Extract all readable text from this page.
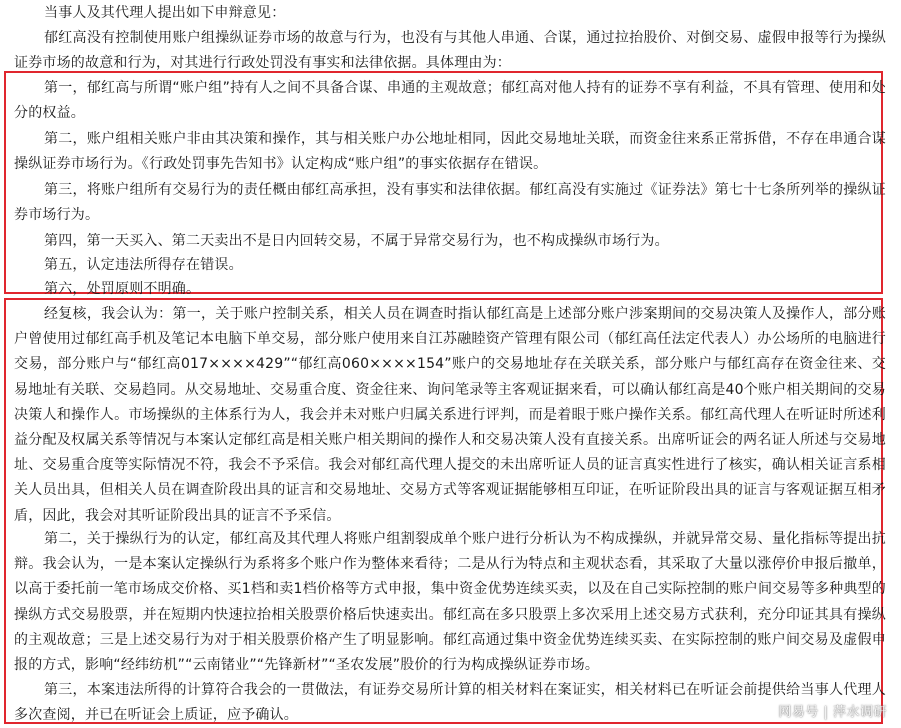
当事人及其代理人提出如下申辩意见：

郁红高没有控制使用账户组操纵证券市场的故意与行为，也没有与其他人串通、合谋，通过拉抬股价、对倒交易、虚假申报等行为操纵证券市场的故意和行为，对其进行行政处罚没有事实和法律依据。具体理由为：

第一，郁红高与所谓“账户组”持有人之间不具备合谋、串通的主观故意；郁红高对他人持有的证券不享有利益，不具有管理、使用和处分的权益。

第二，账户组相关账户非由其决策和操作，其与相关账户办公地址相同，因此交易地址关联，而资金往来系正常拆借，不存在串通合谋操纵证券市场行为。《行政处罚事先告知书》认定构成“账户组”的事实依据存在错误。

第三，将账户组所有交易行为的责任概由郁红高承担，没有事实和法律依据。郁红高没有实施过《证券法》第七十七条所列举的操纵证券市场行为。

第四，第一天买入、第二天卖出不是日内回转交易，不属于异常交易行为，也不构成操纵市场行为。

第五，认定违法所得存在错误。

第六，处罚原则不明确。

经复核，我会认为：第一，关于账户控制关系，相关人员在调查时指认郁红高是上述部分账户涉案期间的交易决策人及操作人，部分账户曾使用过郁红高手机及笔记本电脑下单交易，部分账户使用来自江苏融睦资产管理有限公司（郁红高任法定代表人）办公场所的电脑进行交易，部分账户与“郁红高017××××429”“郁红高060××××154”账户的交易地址存在关联关系，部分账户与郁红高存在资金往来、交易地址有关联、交易趋同。从交易地址、交易重合度、资金往来、询问笔录等主客观证据来看，可以确认郁红高是40个账户相关期间的交易决策人和操作人。市场操纵的主体系行为人，我会并未对账户归属关系进行评判，而是着眼于账户操作关系。郁红高代理人在听证时所述利益分配及权属关系等情况与本案认定郁红高是相关账户相关期间的操作人和交易决策人没有直接关系。出席听证会的两名证人所述与交易地址、交易重合度等实际情况不符，我会不予采信。我会对郁红高代理人提交的未出席听证人员的证言真实性进行了核实，确认相关证言系相关人员出具，但相关人员在调查阶段出具的证言和交易地址、交易方式等客观证据能够相互印证，在听证阶段出具的证言与客观证据互相矛盾，因此，我会对其听证阶段出具的证言不予采信。

第二，关于操纵行为的认定，郁红高及其代理人将账户组割裂成单个账户进行分析认为不构成操纵，并就异常交易、量化指标等提出抗辩。我会认为，一是本案认定操纵行为系将多个账户作为整体来看待；二是从行为特点和主观状态看，其采取了大量以涨停价申报后撤单，以高于委托前一笔市场成交价格、买1档和卖1档价格等方式申报，集中资金优势连续买卖，以及在自己实际控制的账户间交易等多种典型的操纵方式交易股票，并在短期内快速拉抬相关股票价格后快速卖出。郁红高在多只股票上多次采用上述交易方式获利，充分印证其具有操纵的主观故意；三是上述交易行为对于相关股票价格产生了明显影响。郁红高通过集中资金优势连续买卖、在实际控制的账户间交易及虚假申报的方式，影响“经纬纺机”“云南锗业”“先锋新材”“圣农发展”股价的行为构成操纵证券市场。

第三，本案违法所得的计算符合我会的一贯做法，有证券交易所计算的相关材料在案证实，相关材料已在听证会前提供给当事人代理人多次查阅，并已在听证会上质证，应予确认。	网易号 | 萍水调研
